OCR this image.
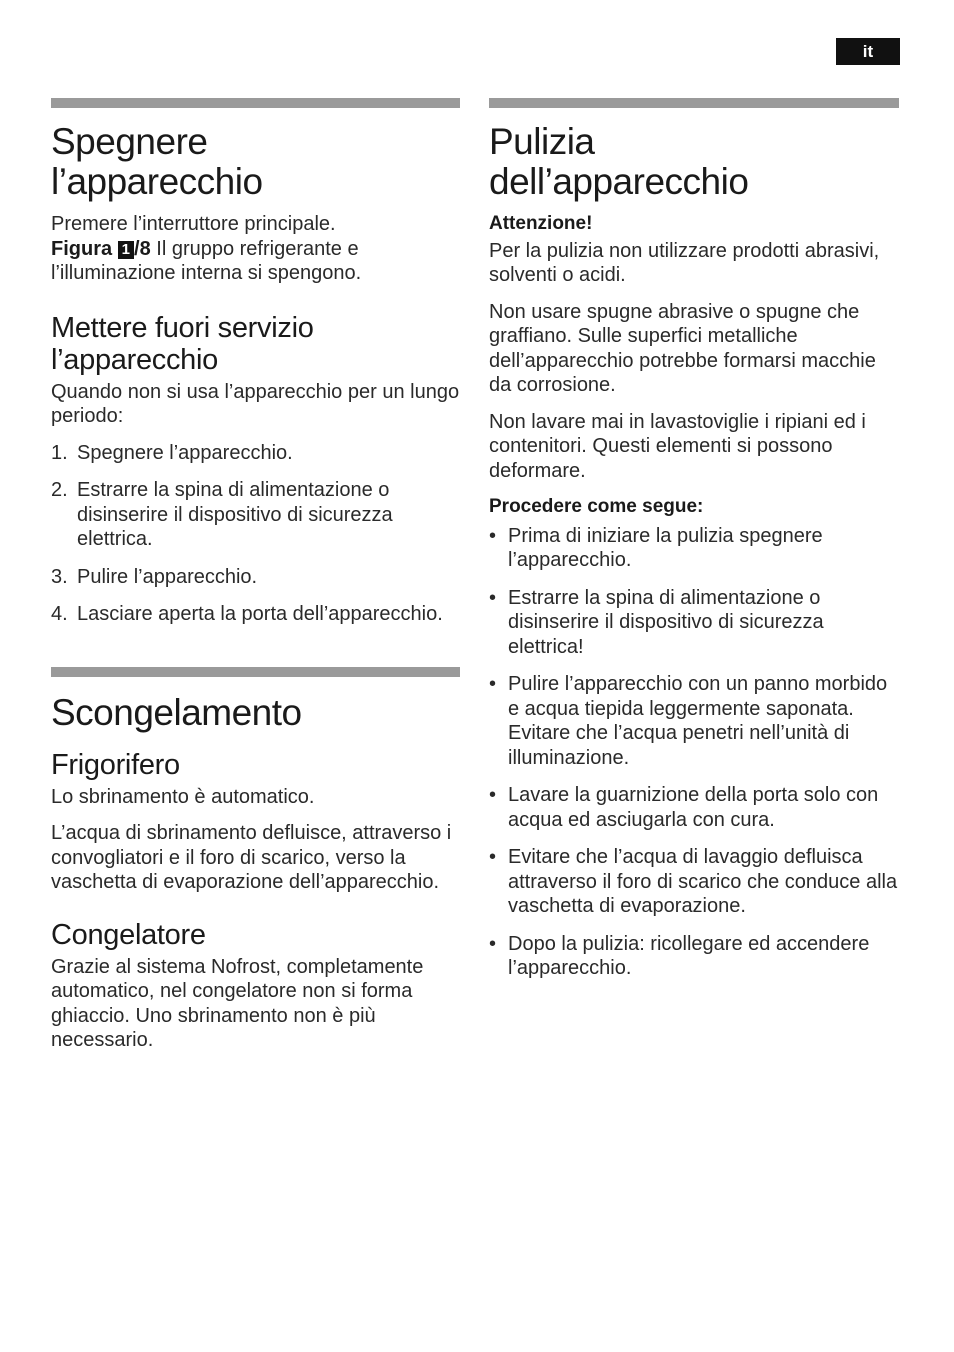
it
Spegnere
l’apparecchio

Premere l’interruttore principale.
Figura 1 /8 Il gruppo refrigerante e l’illuminazione interna si spengono.

Mettere fuori servizio
l’apparecchio

Quando non si usa l’apparecchio per un lungo periodo:

1. Spegnere l’apparecchio.
2. Estrarre la spina di alimentazione o disinserire il dispositivo di sicurezza elettrica.
3. Pulire l’apparecchio.
4. Lasciare aperta la porta dell’apparecchio.
Scongelamento
Frigorifero

Lo sbrinamento è automatico.

L’acqua di sbrinamento defluisce, attraverso i convogliatori e il foro di scarico, verso la vaschetta di evaporazione dell’apparecchio.

Congelatore

Grazie al sistema Nofrost, completamente automatico, nel congelatore non si forma ghiaccio. Uno sbrinamento non è più necessario.

Pulizia
dell’apparecchio

Attenzione!

Per la pulizia non utilizzare prodotti abrasivi, solventi o acidi.

Non usare spugne abrasive o spugne che graffiano. Sulle superfici metalliche dell’apparecchio potrebbe formarsi macchie da corrosione.

Non lavare mai in lavastoviglie i ripiani ed i contenitori. Questi elementi si possono deformare.

Procedere come segue:

• Prima di iniziare la pulizia spegnere l’apparecchio.
• Estrarre la spina di alimentazione o disinserire il dispositivo di sicurezza elettrica!
• Pulire l’apparecchio con un panno morbido e acqua tiepida leggermente saponata. Evitare che l’acqua penetri nell’unità di illuminazione.
• Lavare la guarnizione della porta solo con acqua ed asciugarla con cura.
• Evitare che l’acqua di lavaggio defluisca attraverso il foro di scarico che conduce alla vaschetta di evaporazione.
• Dopo la pulizia: ricollegare ed accendere l’apparecchio.
